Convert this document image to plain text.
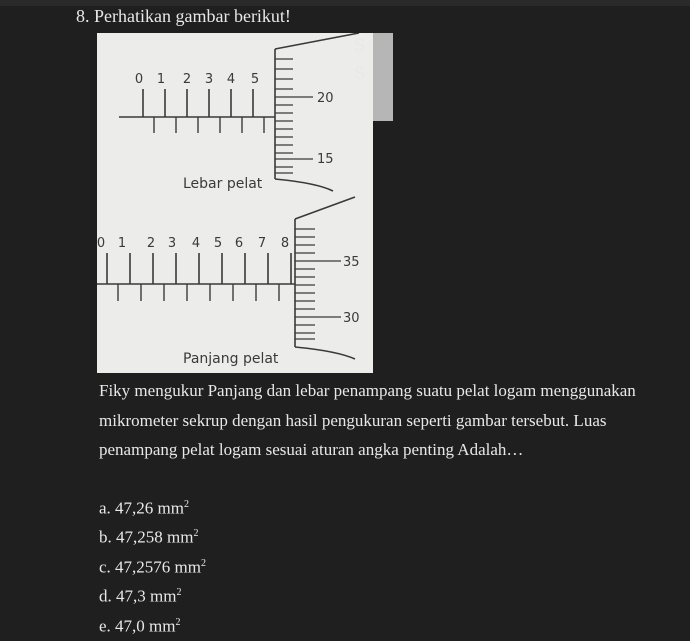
8. Perhatikan gambar berikut!
0 1 2 3 4 5
20
15
Lebar pelat
0 1 2 3 4 5 6 7 8
35
30
Panjang pelat
S
S
Fiky mengukur Panjang dan lebar penampang suatu pelat logam menggunakan mikrometer sekrup dengan hasil pengukuran seperti gambar tersebut. Luas penampang pelat logam sesuai aturan angka penting Adalah…
a. 47,26 $mm^2$
b. 47,258 $mm^2$
c. 47,2576 $mm^2$
d. 47,3 $mm^2$
e. 47,0 $mm^2$
